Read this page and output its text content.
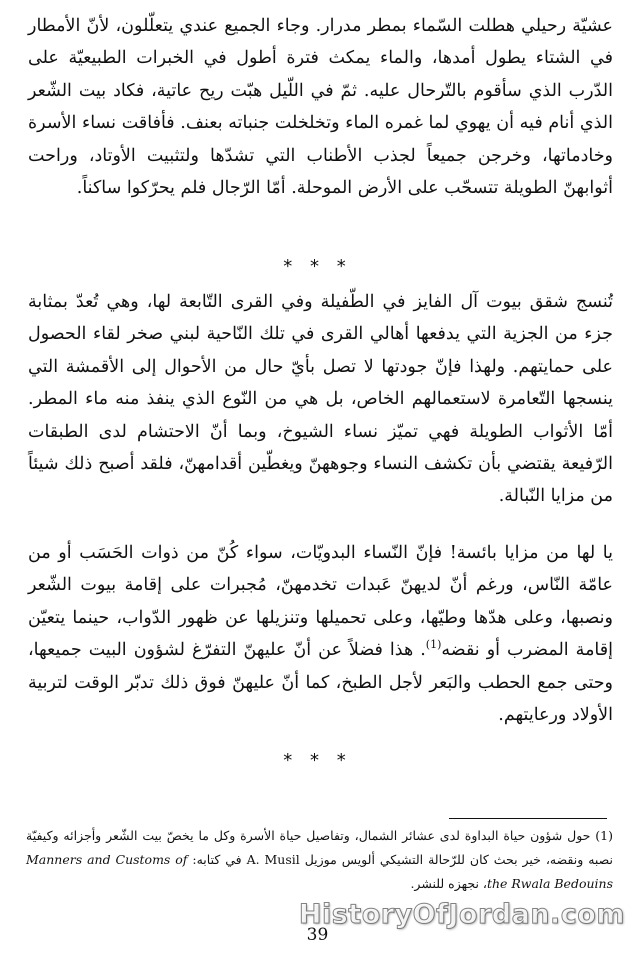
عشيّة رحيلي هطلت السّماء بمطر مدرار. وجاء الجميع عندي يتعلّلون، لأنّ الأمطار في الشتاء يطول أمدها، والماء يمكث فترة أطول في الخبرات الطبيعيّة على الدّرب الذي سأقوم بالتّرحال عليه. ثمّ في اللّيل هبّت ريح عاتية، فكاد بيت الشّعر الذي أنام فيه أن يهوي لما غمره الماء وتخلخلت جنباته بعنف. فأفاقت نساء الأسرة وخادماتها، وخرجن جميعاً لجذب الأطناب التي تشدّها ولتثبيت الأوتاد، وراحت أثوابهنّ الطويلة تتسحّب على الأرض الموحلة. أمّا الرّجال فلم يحرّكوا ساكناً.

* * *

تُنسج شقق بيوت آل الفايز في الطّفيلة وفي القرى التّابعة لها، وهي تُعدّ بمثابة جزء من الجزية التي يدفعها أهالي القرى في تلك النّاحية لبني صخر لقاء الحصول على حمايتهم. ولهذا فإنّ جودتها لا تصل بأيّ حال من الأحوال إلى الأقمشة التي ينسجها التّعامرة لاستعمالهم الخاص، بل هي من النّوع الذي ينفذ منه ماء المطر. أمّا الأثواب الطويلة فهي تميّز نساء الشيوخ، وبما أنّ الاحتشام لدى الطبقات الرّفيعة يقتضي بأن تكشف النساء وجوههنّ ويغطّين أقدامهنّ، فلقد أصبح ذلك شيئاً من مزايا النّبالة.

يا لها من مزايا بائسة! فإنّ النّساء البدويّات، سواء كُنّ من ذوات الحَسَب أو من عامّة النّاس، ورغم أنّ لديهنّ عَبدات تخدمهنّ، مُجبرات على إقامة بيوت الشّعر ونصبها، وعلى هدّها وطيّها، وعلى تحميلها وتنزيلها عن ظهور الدّواب، حينما يتعيّن إقامة المضرب أو نقضه$^{(1)}$. هذا فضلاً عن أنّ عليهنّ التفرّغ لشؤون البيت جميعها، وحتى جمع الحطب والبَعر لأجل الطبخ، كما أنّ عليهنّ فوق ذلك تدبّر الوقت لتربية الأولاد ورعايتهم.

* * *

(1) حول شؤون حياة البداوة لدى عشائر الشمال، وتفاصيل حياة الأسرة وكل ما يخصّ بيت الشّعر وأجزائه وكيفيّة نصبه ونقضه، خير بحث كان للرّحالة التشيكي ألويس موزيل A. Musil في كتابه: Manners and Customs of the Rwala Bedouins، نجهزه للنشر.

39
HistoryOfJordan.com
